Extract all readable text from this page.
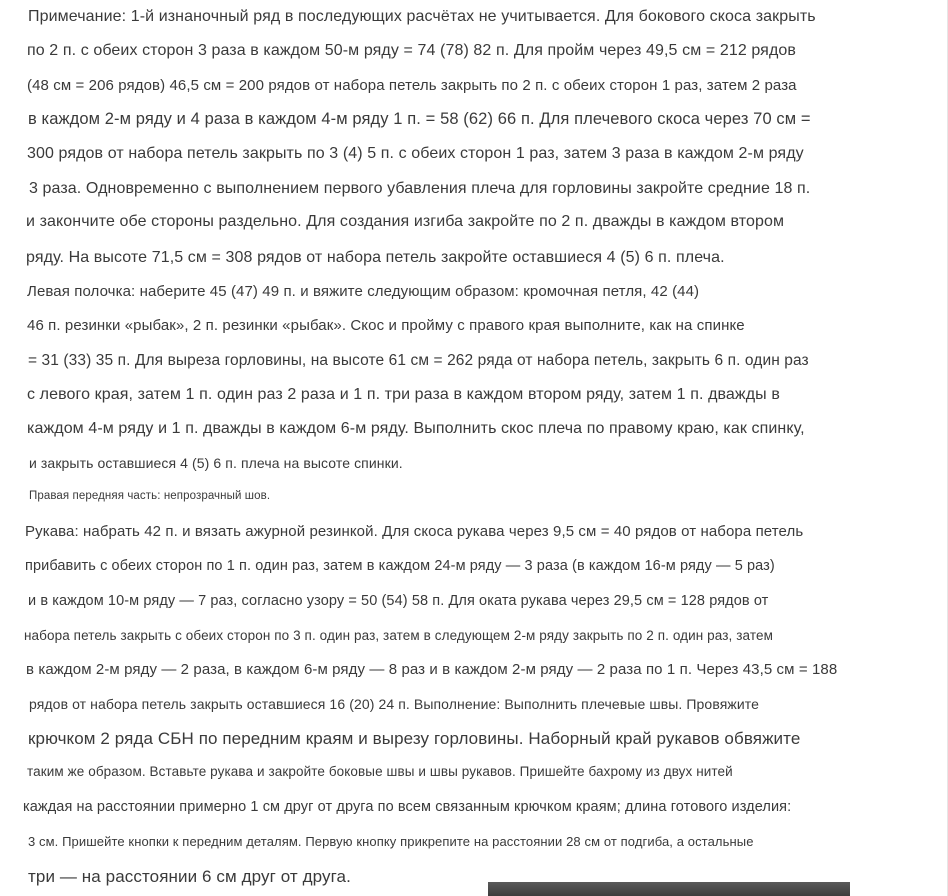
Примечание: 1-й изнаночный ряд в последующих расчётах не учитывается. Для бокового скоса закрыть
по 2 п. с обеих сторон 3 раза в каждом 50-м ряду = 74 (78) 82 п. Для пройм через 49,5 см = 212 рядов
(48 см = 206 рядов) 46,5 см = 200 рядов от набора петель закрыть по 2 п. с обеих сторон 1 раз, затем 2 раза
в каждом 2-м ряду и 4 раза в каждом 4-м ряду 1 п. = 58 (62) 66 п. Для плечевого скоса через 70 см =
300 рядов от набора петель закрыть по 3 (4) 5 п. с обеих сторон 1 раз, затем 3 раза в каждом 2-м ряду
3 раза. Одновременно с выполнением первого убавления плеча для горловины закройте средние 18 п.
и закончите обе стороны раздельно. Для создания изгиба закройте по 2 п. дважды в каждом втором
ряду. На высоте 71,5 см = 308 рядов от набора петель закройте оставшиеся 4 (5) 6 п. плеча.
Левая полочка: наберите 45 (47) 49 п. и вяжите следующим образом: кромочная петля, 42 (44)
46 п. резинки «рыбак», 2 п. резинки «рыбак». Скос и пройму с правого края выполните, как на спинке
= 31 (33) 35 п. Для выреза горловины, на высоте 61 см = 262 ряда от набора петель, закрыть 6 п. один раз
с левого края, затем 1 п. один раз 2 раза и 1 п. три раза в каждом втором ряду, затем 1 п. дважды в
каждом 4-м ряду и 1 п. дважды в каждом 6-м ряду. Выполнить скос плеча по правому краю, как спинку,
и закрыть оставшиеся 4 (5) 6 п. плеча на высоте спинки.
Правая передняя часть: непрозрачный шов.
Рукава: набрать 42 п. и вязать ажурной резинкой. Для скоса рукава через 9,5 см = 40 рядов от набора петель
прибавить с обеих сторон по 1 п. один раз, затем в каждом 24-м ряду — 3 раза (в каждом 16-м ряду — 5 раз)
и в каждом 10-м ряду — 7 раз, согласно узору = 50 (54) 58 п. Для оката рукава через 29,5 см = 128 рядов от
набора петель закрыть с обеих сторон по 3 п. один раз, затем в следующем 2-м ряду закрыть по 2 п. один раз, затем
в каждом 2-м ряду — 2 раза, в каждом 6-м ряду — 8 раз и в каждом 2-м ряду — 2 раза по 1 п. Через 43,5 см = 188
рядов от набора петель закрыть оставшиеся 16 (20) 24 п. Выполнение: Выполнить плечевые швы. Провяжите
крючком 2 ряда СБН по передним краям и вырезу горловины. Наборный край рукавов обвяжите
таким же образом. Вставьте рукава и закройте боковые швы и швы рукавов. Пришейте бахрому из двух нитей
каждая на расстоянии примерно 1 см друг от друга по всем связанным крючком краям; длина готового изделия:
3 см. Пришейте кнопки к передним деталям. Первую кнопку прикрепите на расстоянии 28 см от подгиба, а остальные
три — на расстоянии 6 см друг от друга.
